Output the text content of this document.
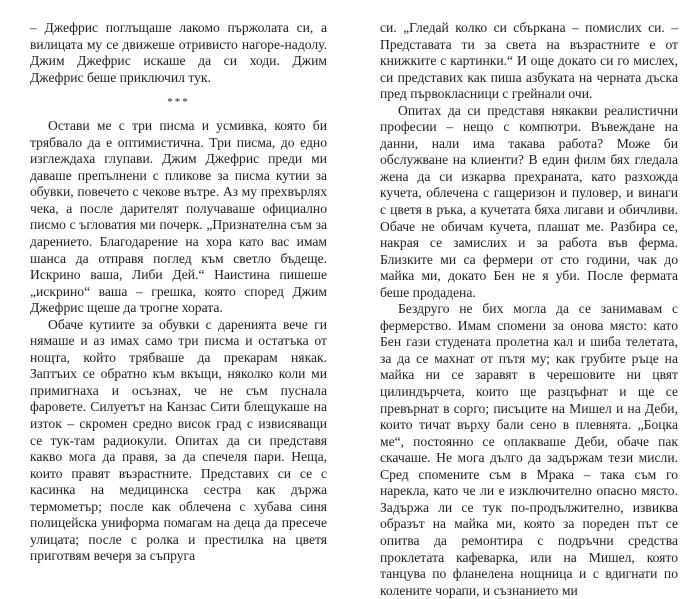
– Джефрис поглъщаше лакомо пържолата си, а вилицата му се движеше отривисто нагоре-надолу. Джим Джефрис искаше да си ходи. Джим Джефрис беше приключил тук.

***

Остави ме с три писма и усмивка, която би трябвало да е оптимистична. Три писма, до едно изглеждаха глупави. Джим Джефрис преди ми даваше препълнени с пликове за писма кутии за обувки, повечето с чекове вътре. Аз му прехвърлях чека, а после дарителят получаваше официално писмо с ъгловатия ми почерк. „Признателна съм за дарението. Благодарение на хора като вас имам шанса да отправя поглед към светло бъдеще. Искрино ваша, Либи Дей.“ Наистина пишеше „искрино“ ваша – грешка, която според Джим Джефрис щеше да трогне хората.

Обаче кутиите за обувки с даренията вече ги нямаше и аз имах само три писма и остатъка от нощта, който трябваше да прекарам някак. Заптъих се обратно към вкъщи, няколко коли ми примигнаха и осъзнах, че не съм пуснала фаровете. Силуетът на Канзас Сити блещукаше на изток – скромен средно висок град с извисяващи се тук-там радиокули. Опитах да си представя какво мога да правя, за да спечеля пари. Неща, които правят възрастните. Представих си се с касинка на медицинска сестра как държа термометър; после как облечена с хубава синя полицейска униформа помагам на деца да пресече улицата; после с ролка и престилка на цветя приготвям вечеря за съпруга

си. „Гледай колко си сбъркана – помислих си. – Представата ти за света на възрастните е от книжките с картинки.“ И още докато си го мислех, си представих как пиша азбуката на черната дъска пред първокласници с грейнали очи.

Опитах да си представя някакви реалистични професии – нещо с компютри. Въвеждане на данни, нали има такава работа? Може би обслужване на клиенти? В един филм бях гледала жена да си изкарва прехраната, като разхожда кучета, облечена с гащеризон и пуловер, и винаги с цветя в ръка, а кучетата бяха лигави и обичливи. Обаче не обичам кучета, плашат ме. Разбира се, накрая се замислих и за работа във ферма. Близките ми са фермери от сто години, чак до майка ми, докато Бен не я уби. После фермата беше продадена.

Бездруго не бих могла да се занимавам с фермерство. Имам спомени за онова място: като Бен гази студената пролетна кал и шиба телетата, за да се махнат от пътя му; как грубите ръце на майка ни се заравят в черешовите ни цвят цилиндърчета, които ще разцъфнат и ще се превърнат в сорго; писъците на Мишел и на Деби, които тичат върху бали сено в плевнята. „Боцка ме“, постоянно се оплакваше Деби, обаче пак скачаше. Не мога дълго да задържам тези мисли. Сред спомените съм в Мрака – така съм го нарекла, като че ли е изключително опасно място. Задържа ли се тук по-продължително, извиква образът на майка ми, която за пореден път се опитва да ремонтира с подръчни средства проклетата кафеварка, или на Мишел, която танцува по фланелена нощница и с вдигнати по колените чорапи, и съзнанието ми
